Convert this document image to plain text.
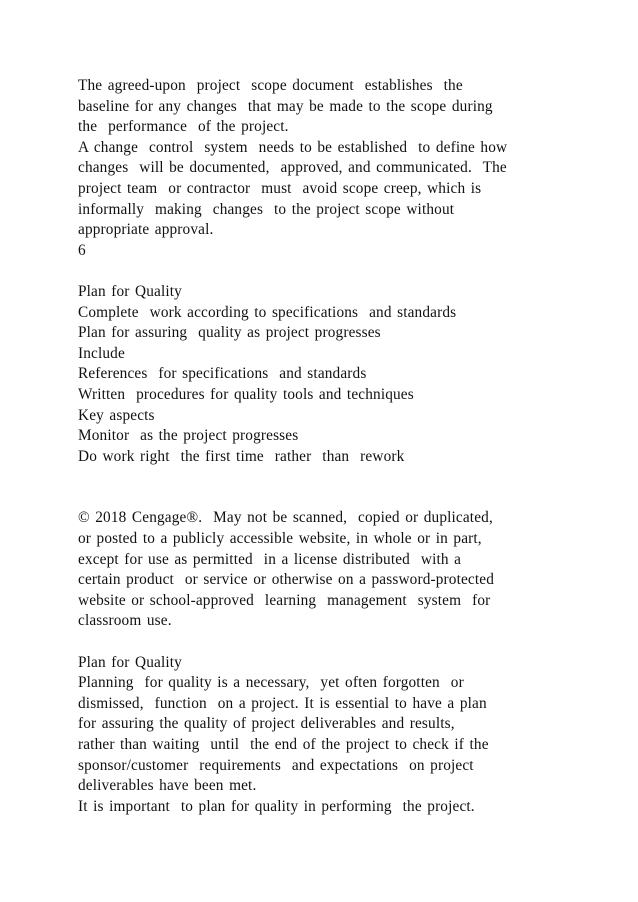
The agreed-upon  project  scope document  establishes  the
baseline for any changes  that may be made to the scope during
the  performance  of the project.
A change  control  system  needs to be established  to define how
changes  will be documented,  approved, and communicated.  The
project team  or contractor  must  avoid scope creep, which is
informally  making  changes  to the project scope without
appropriate approval.
6
Plan for Quality
Complete  work according to specifications  and standards
Plan for assuring  quality as project progresses
Include
References  for specifications  and standards
Written  procedures for quality tools and techniques
Key aspects
Monitor  as the project progresses
Do work right  the first time  rather  than  rework
© 2018 Cengage®.  May not be scanned,  copied or duplicated,
or posted to a publicly accessible website, in whole or in part,
except for use as permitted  in a license distributed  with a
certain product  or service or otherwise on a password-protected
website or school-approved  learning  management  system  for
classroom use.
Plan for Quality
Planning  for quality is a necessary,  yet often forgotten  or
dismissed,  function  on a project. It is essential to have a plan
for assuring the quality of project deliverables and results,
rather than waiting  until  the end of the project to check if the
sponsor/customer  requirements  and expectations  on project
deliverables have been met.
It is important  to plan for quality in performing  the project.
